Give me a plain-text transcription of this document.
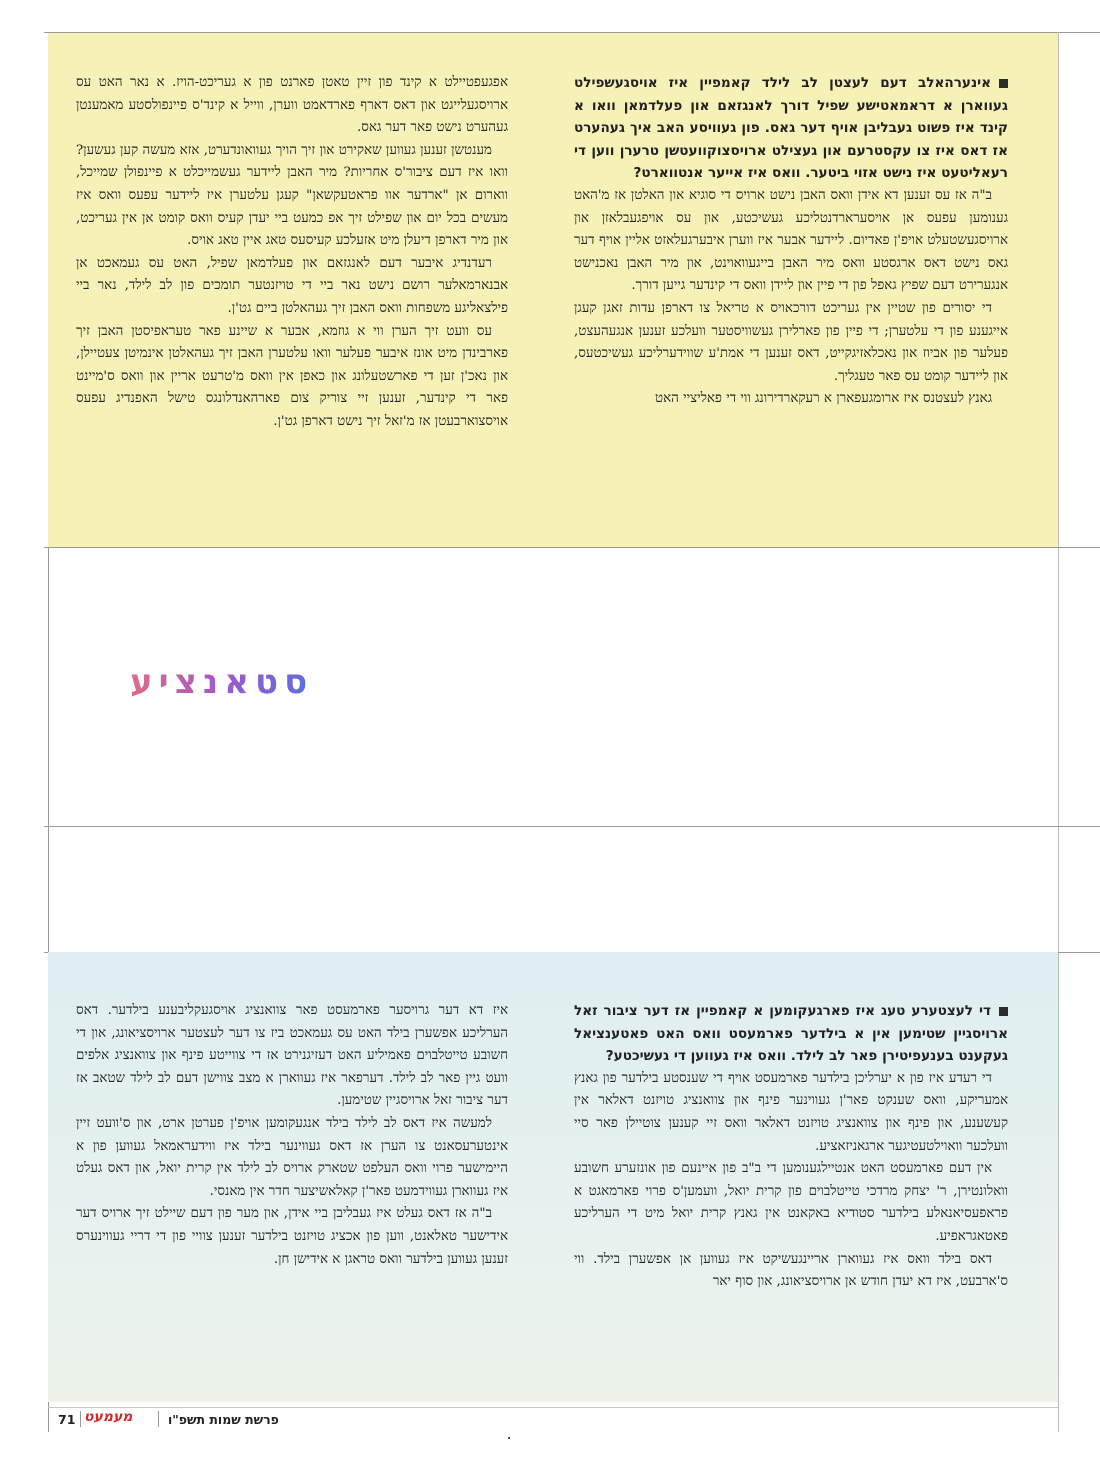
אינערהאלב דעם לעצטן לב לילד קאמפיין איז אויסגעשפילט געווארן א דראמאטישע שפיל דורך לאנגזאם און פעלדמאן וואו א קינד איז פשוט געבליבן אויף דער גאס. פון געוויסע האב איך געהערט אז דאס איז צו עקסטרעם און געצילט ארויסצוקוועטשן טרערן ווען די רעאליטעט איז נישט אזוי ביטער. וואס איז אייער אנטווארט?

ב"ה אז עס זענען דא אידן וואס האבן נישט ארויס די סוגיא און האלטן אז מ'האט גענומען עפעס אן אויסערארדנטליכע געשיכטע, און עס אויפגעבלאזן און ארויסגעשטעלט אויפ'ן פאדיום. ליידער אבער איז ווערן איבערגעלאזט אליין אויף דער גאס נישט דאס ארגסטע וואס מיר האבן בייגעוואוינט, און מיר האבן נאכנישט אנגערירט דעם שפיץ גאפל פון די פיין און ליידן וואס די קינדער גייען דורך.

די יסורים פון שטיין אין געריכט דורכאויס א טריאל צו דארפן עדות זאגן קעגן אייגענע פון די עלטערן; די פיין פון פארלירן געשוויסטער וועלכע זענען אנגעהעצט, פעלער פון אביוז און נאכלאזיגקייט, דאס זענען די אמת'ע שווידערליכע געשיכטעס, און ליידער קומט עס פאר טעגליך.

גאנץ לעצטנס איז ארומגעפארן א רעקארדירונג ווי די פאליציי האט

אפגעפטיילט א קינד פון זיין טאטן פארנט פון א געריכט-הויז. א נאר האט עס ארויסגעלייגט און דאס דארף פארדאמט ווערן, ווייל א קינד'ס פיינפולסטע מאמענטן געהערט נישט פאר דער גאס.

מענטשן זענען געווען שאקירט און זיך הויך געוואונדערט, אזא מעשה קען געשען? וואו איז דעם ציבור'ס אחריות? מיר האבן ליידער געשמייכלט א פיינפולן שמייכל, ווארום אן "ארדער אוו פראטעקשאן" קעגן עלטערן איז ליידער עפעס וואס איז מעשים בכל יום און שפילט זיך אפ כמעט ביי יעדן קעיס וואס קומט אן אין געריכט, און מיר דארפן דיעלן מיט אזעלכע קעיסעס טאג איין טאג אויס.

רעדנדיג איבער דעם לאנגזאם און פעלדמאן שפיל, האט עס געמאכט אן אבנארמאלער רושם נישט נאר ביי די טויזנטער תומכים פון לב לילד, נאר ביי פילצאליגע משפחות וואס האבן זיך געהאלטן ביים גט'ן.

עס וועט זיך הערן ווי א גוזמא, אבער א שיינע פאר טעראפיסטן האבן זיך פארבינדן מיט אונז איבער פעלער וואו עלטערן האבן זיך געהאלטן אינמיטן צעטיילן, און נאכ'ן זען די פארשטעלונג און כאפן אין וואס מ'טרעט אריין און וואס ס'מיינט פאר די קינדער, זענען זיי צוריק צום פארהאנדלונגס טישל האפנדיג עפעס אויסצוארבעטן אז מ'זאל זיך נישט דארפן גט'ן.

סטאנציע

די לעצטערע טעג איז פארגעקומען א קאמפיין אז דער ציבור זאל ארויסגיין שטימען אין א בילדער פארמעסט וואס האט פאטענציאל געקענט בענעפיטירן פאר לב לילד. וואס איז געווען די געשיכטע?

די רעדע איז פון א יערליכן בילדער פארמעסט אויף די שענסטע בילדער פון גאנץ אמעריקע, וואס שענקט פאר'ן געווינער פינף און צוואנציג טויזנט דאלאר אין קעשענע, און פינף און צוואנציג טויזנט דאלאר וואס זיי קענען צוטיילן פאר סיי וועלכער וואוילטעטיגער ארגאניזאציע.

אין דעם פארמעסט האט אנטיילגענומען די ב"ב פון איינעם פון אונזערע חשובע וואלונטירן, ר' יצחק מרדכי טייטלבוים פון קרית יואל, וועמען'ס פרוי פארמאגט א פראפעסיאנאלע בילדער סטודיא באקאנט אין גאנץ קרית יואל מיט די הערליכע פאטאגראפיע.

דאס בילד וואס איז געווארן אריינגעשיקט איז געווען אן אפשערן בילד. ווי ס'ארבעט, איז דא יעדן חודש אן ארויסציאונג, און סוף יאר

איז דא דער גרויסער פארמעסט פאר צוואנציג אויסגעקליבענע בילדער. דאס הערליכע אפשערן בילד האט עס געמאכט ביז צו דער לעצטער ארויסציאונג, און די חשובע טייטלבוים פאמיליע האט דעזיגנירט אז די צווייטע פינף און צוואנציג אלפים וועט גיין פאר לב לילד. דערפאר איז געווארן א מצב צווישן דעם לב לילד שטאב אז דער ציבור זאל ארויסגיין שטימען.

למעשה איז דאס לב לילד בילד אנגעקומען אויפ'ן פערטן ארט, און ס'וועט זיין אינטערעסאנט צו הערן אז דאס געווינער בילד איז ווידעראמאל געווען פון א היימישער פרוי וואס העלפט שטארק ארויס לב לילד אין קרית יואל, און דאס געלט איז געווארן געווידמעט פאר'ן קאלאשיצער חדר אין מאנסי.

ב"ה אז דאס געלט איז געבליבן ביי אידן, און מער פון דעם שיילט זיך ארויס דער אידישער טאלאנט, ווען פון אכציג טויזנט בילדער זענען צוויי פון די דריי געווינערס זענען געווען בילדער וואס טראגן א אידישן חן.

71 מעמעט	פרשת שמות תשפ"ו
